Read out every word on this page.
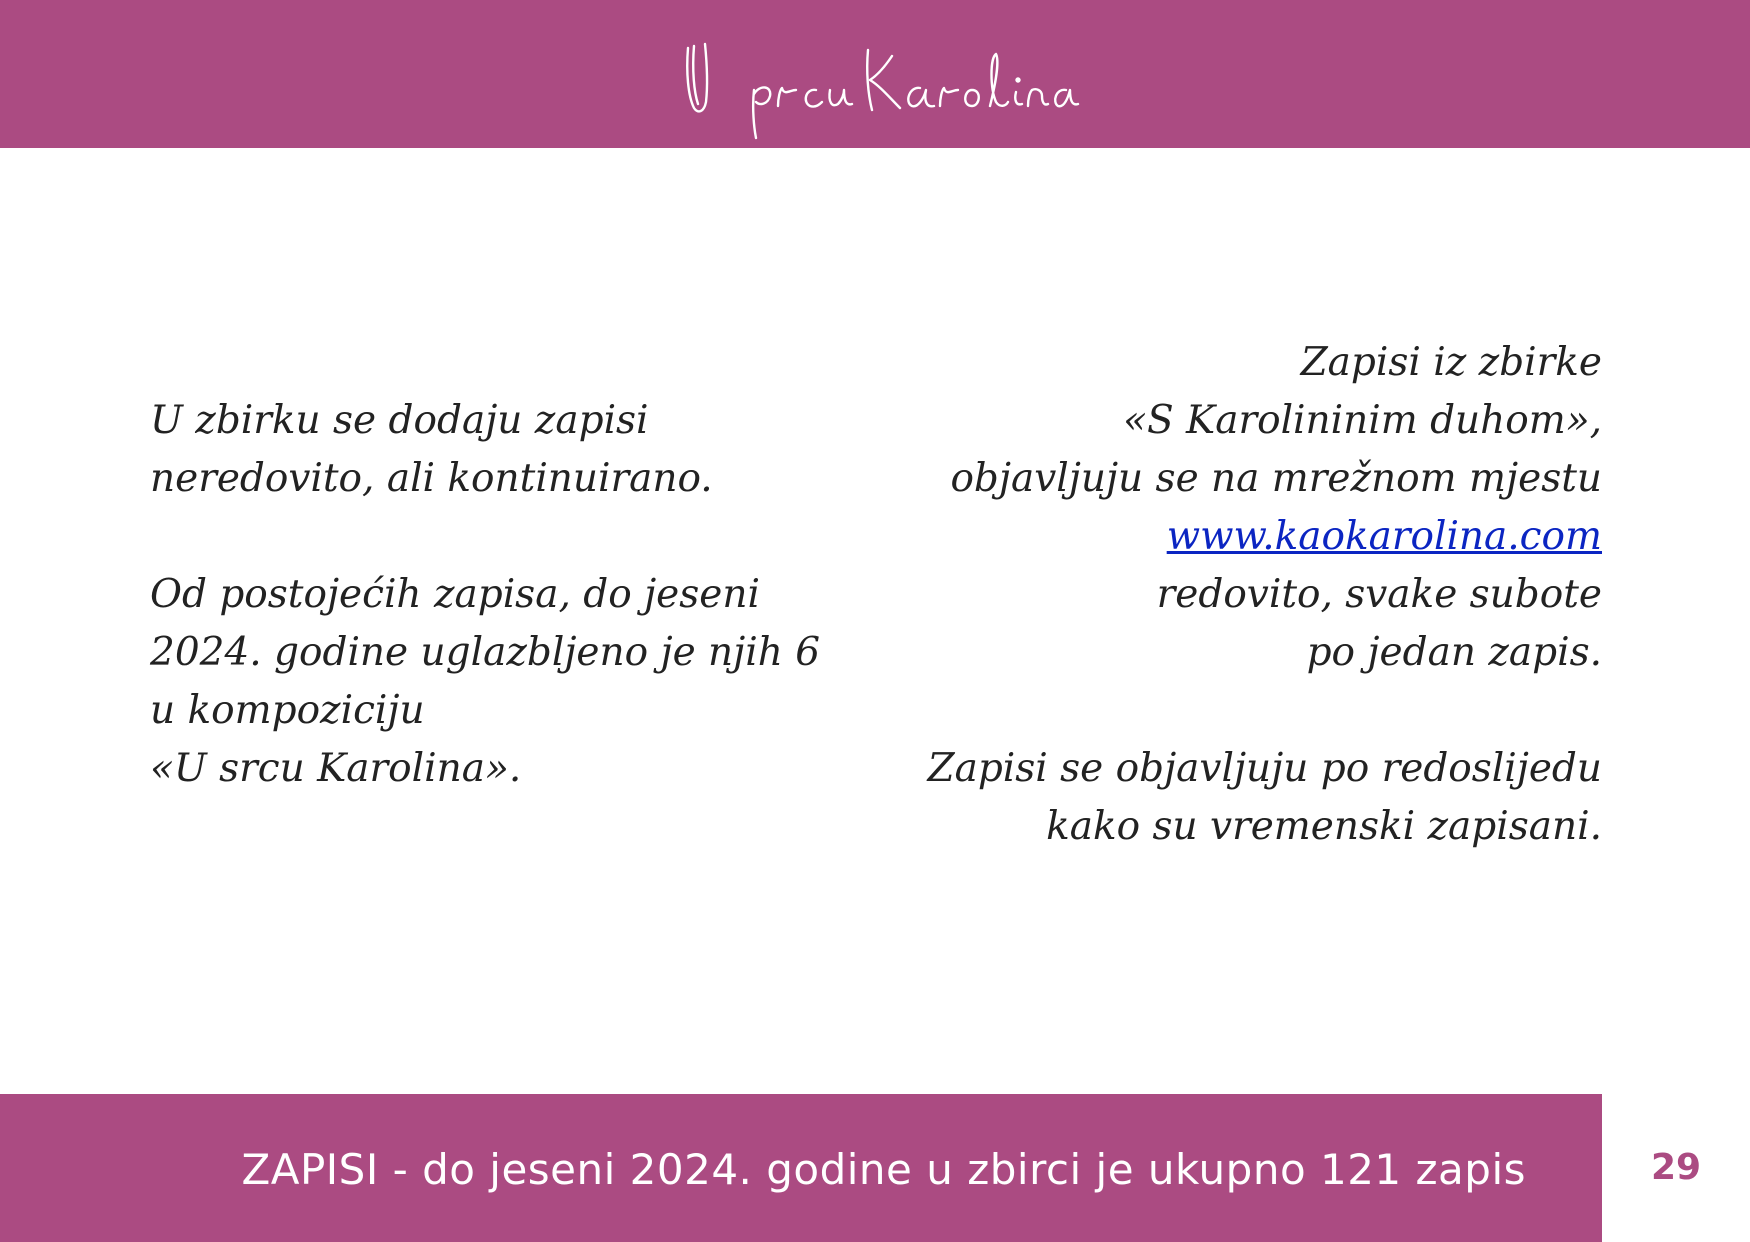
U zbirku se dodaju zapisi

neredovito, ali kontinuirano.

Od postojećih zapisa, do jeseni

2024. godine uglazbljeno je njih 6

u kompoziciju

«U srcu Karolina».

Zapisi iz zbirke

«S Karolininim duhom»,

objavljuju se na mrežnom mjestu

www.kaokarolina.com

redovito, svake subote

po jedan zapis.

Zapisi se objavljuju po redoslijedu

kako su vremenski zapisani.

ZAPISI - do jeseni 2024. godine u zbirci je ukupno 121 zapis	29
